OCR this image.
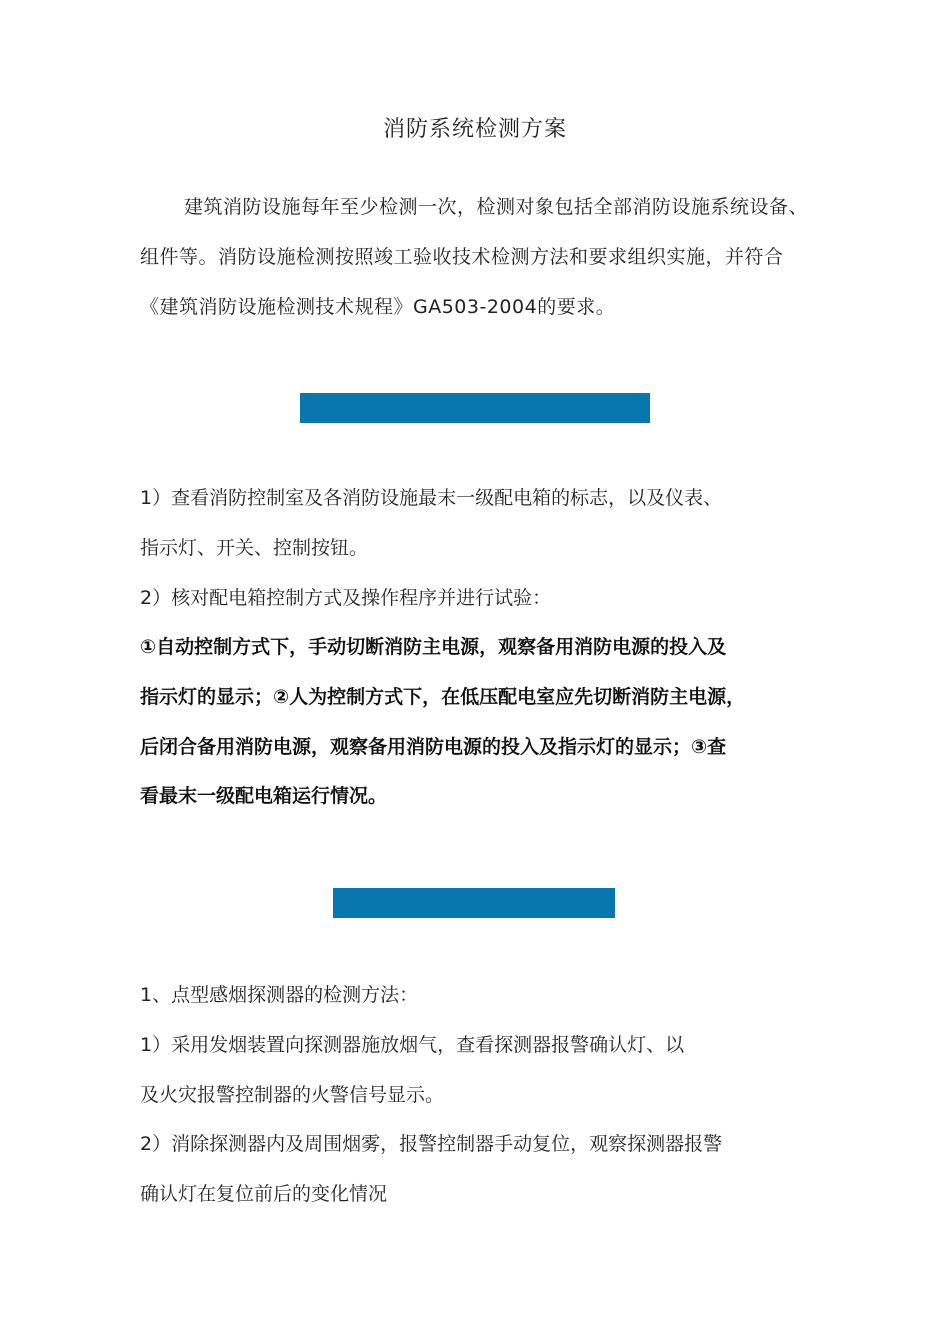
消防系统检测方案
建筑消防设施每年至少检测一次，检测对象包括全部消防设施系统设备、组件等。消防设施检测按照竣工验收技术检测方法和要求组织实施，并符合《建筑消防设施检测技术规程》GA503-2004的要求。
1）查看消防控制室及各消防设施最末一级配电箱的标志，以及仪表、
指示灯、开关、控制按钮。
2）核对配电箱控制方式及操作程序并进行试验：
①自动控制方式下，手动切断消防主电源，观察备用消防电源的投入及
指示灯的显示；②人为控制方式下，在低压配电室应先切断消防主电源，
后闭合备用消防电源，观察备用消防电源的投入及指示灯的显示；③查
看最末一级配电箱运行情况。
1、点型感烟探测器的检测方法：
1）采用发烟装置向探测器施放烟气，查看探测器报警确认灯、以
及火灾报警控制器的火警信号显示。
2）消除探测器内及周围烟雾，报警控制器手动复位，观察探测器报警
确认灯在复位前后的变化情况
